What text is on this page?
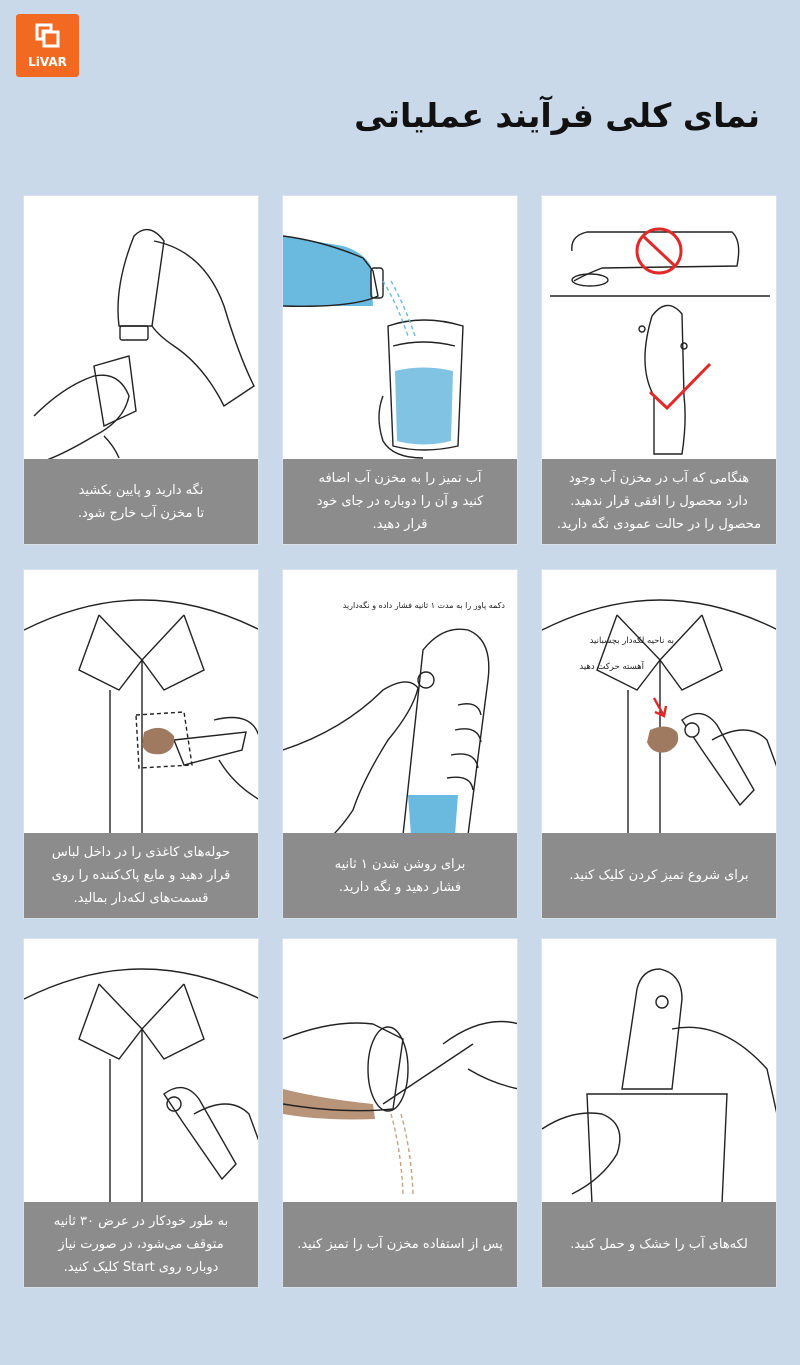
LiVAR
نمای کلی فرآیند عملیاتی
هنگامی که آب در مخزن آب وجود
دارد محصول را افقی قرار ندهید.
محصول را در حالت عمودی نگه دارید.
آب تمیز را به مخزن آب اضافه
کنید و آن را دوباره در جای خود
قرار دهید.
نگه دارید و پایین بکشید
تا مخزن آب خارج شود.
به ناحیه لکه‌دار بچسبانید
آهسته حرکت دهید
برای شروع تمیز کردن کلیک کنید.
دکمه پاور را به مدت ۱ ثانیه فشار داده و نگه‌دارید
برای روشن شدن ۱ ثانیه
فشار دهید و نگه دارید.
حوله‌های کاغذی را در داخل لباس
قرار دهید و مایع پاک‌کننده را روی
قسمت‌های لکه‌دار بمالید.
لکه‌های آب را خشک و حمل کنید.
پس از استفاده مخزن آب را تمیز کنید.
به طور خودکار در عرض ۳۰ ثانیه
متوقف می‌شود، در صورت نیاز
دوباره روی Start کلیک کنید.
